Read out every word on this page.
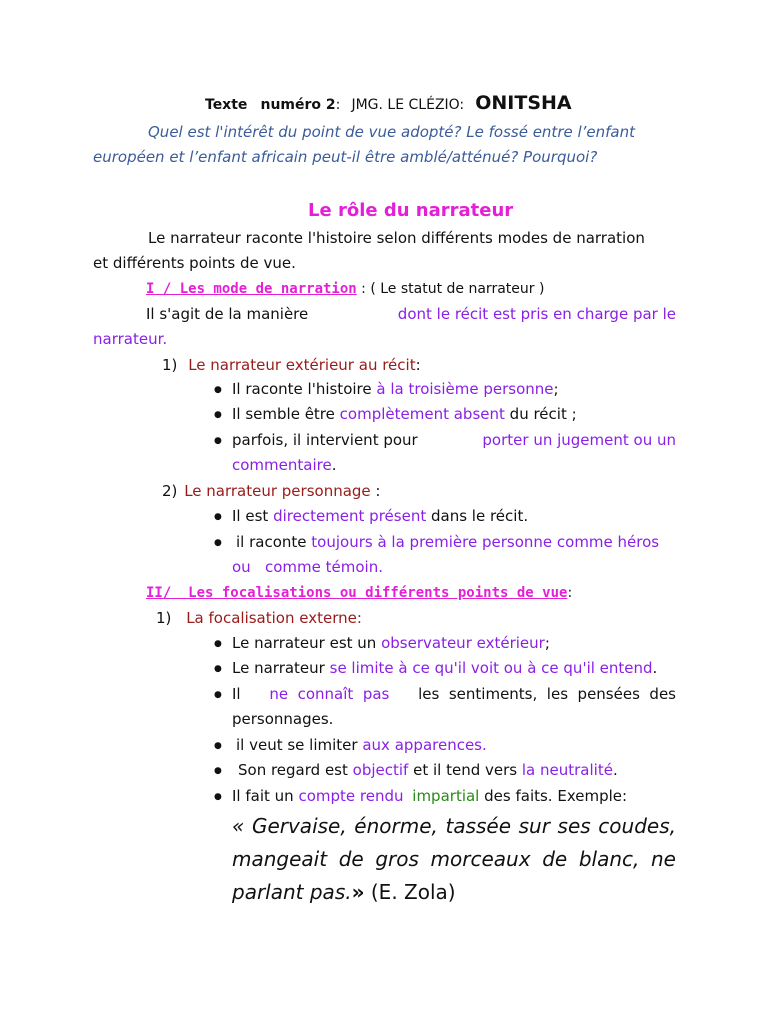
Texte numéro 2: JMG. LE CLÉZIO: ONITSHA
Quel est l'intérêt du point de vue adopté? Le fossé entre l’enfant
européen et l’enfant africain peut-il être amblé/atténué? Pourquoi?
Le rôle du narrateur
Le narrateur raconte l'histoire selon différents modes de narration
et différents points de vue.
I / Les mode de narration : ( Le statut de narrateur )
Il s'agit de la manière	dont le récit est pris en charge par le
narrateur.
1) Le narrateur extérieur au récit:
● Il raconte l'histoire à la troisième personne;
● Il semble être complètement absent du récit ;
● parfois, il intervient pour	porter un jugement ou un
commentaire.
2) Le narrateur personnage :
● Il est directement présent dans le récit.
● il raconte toujours à la première personne comme héros
ou   comme témoin.
II/  Les focalisations ou différents points de vue:
1) La focalisation externe:
● Le narrateur est un observateur extérieur;
● Le narrateur se limite à ce qu'il voit ou à ce qu'il entend.
● Il ne  connaît  pas les  sentiments,  les  pensées  des
personnages.
● il veut se limiter aux apparences.
● Son regard est objectif et il tend vers la neutralité.
● Il fait un compte rendu impartial des faits. Exemple:
« Gervaise, énorme, tassée sur ses coudes,
mangeait de gros morceaux de blanc, ne
parlant pas.» (E. Zola)
